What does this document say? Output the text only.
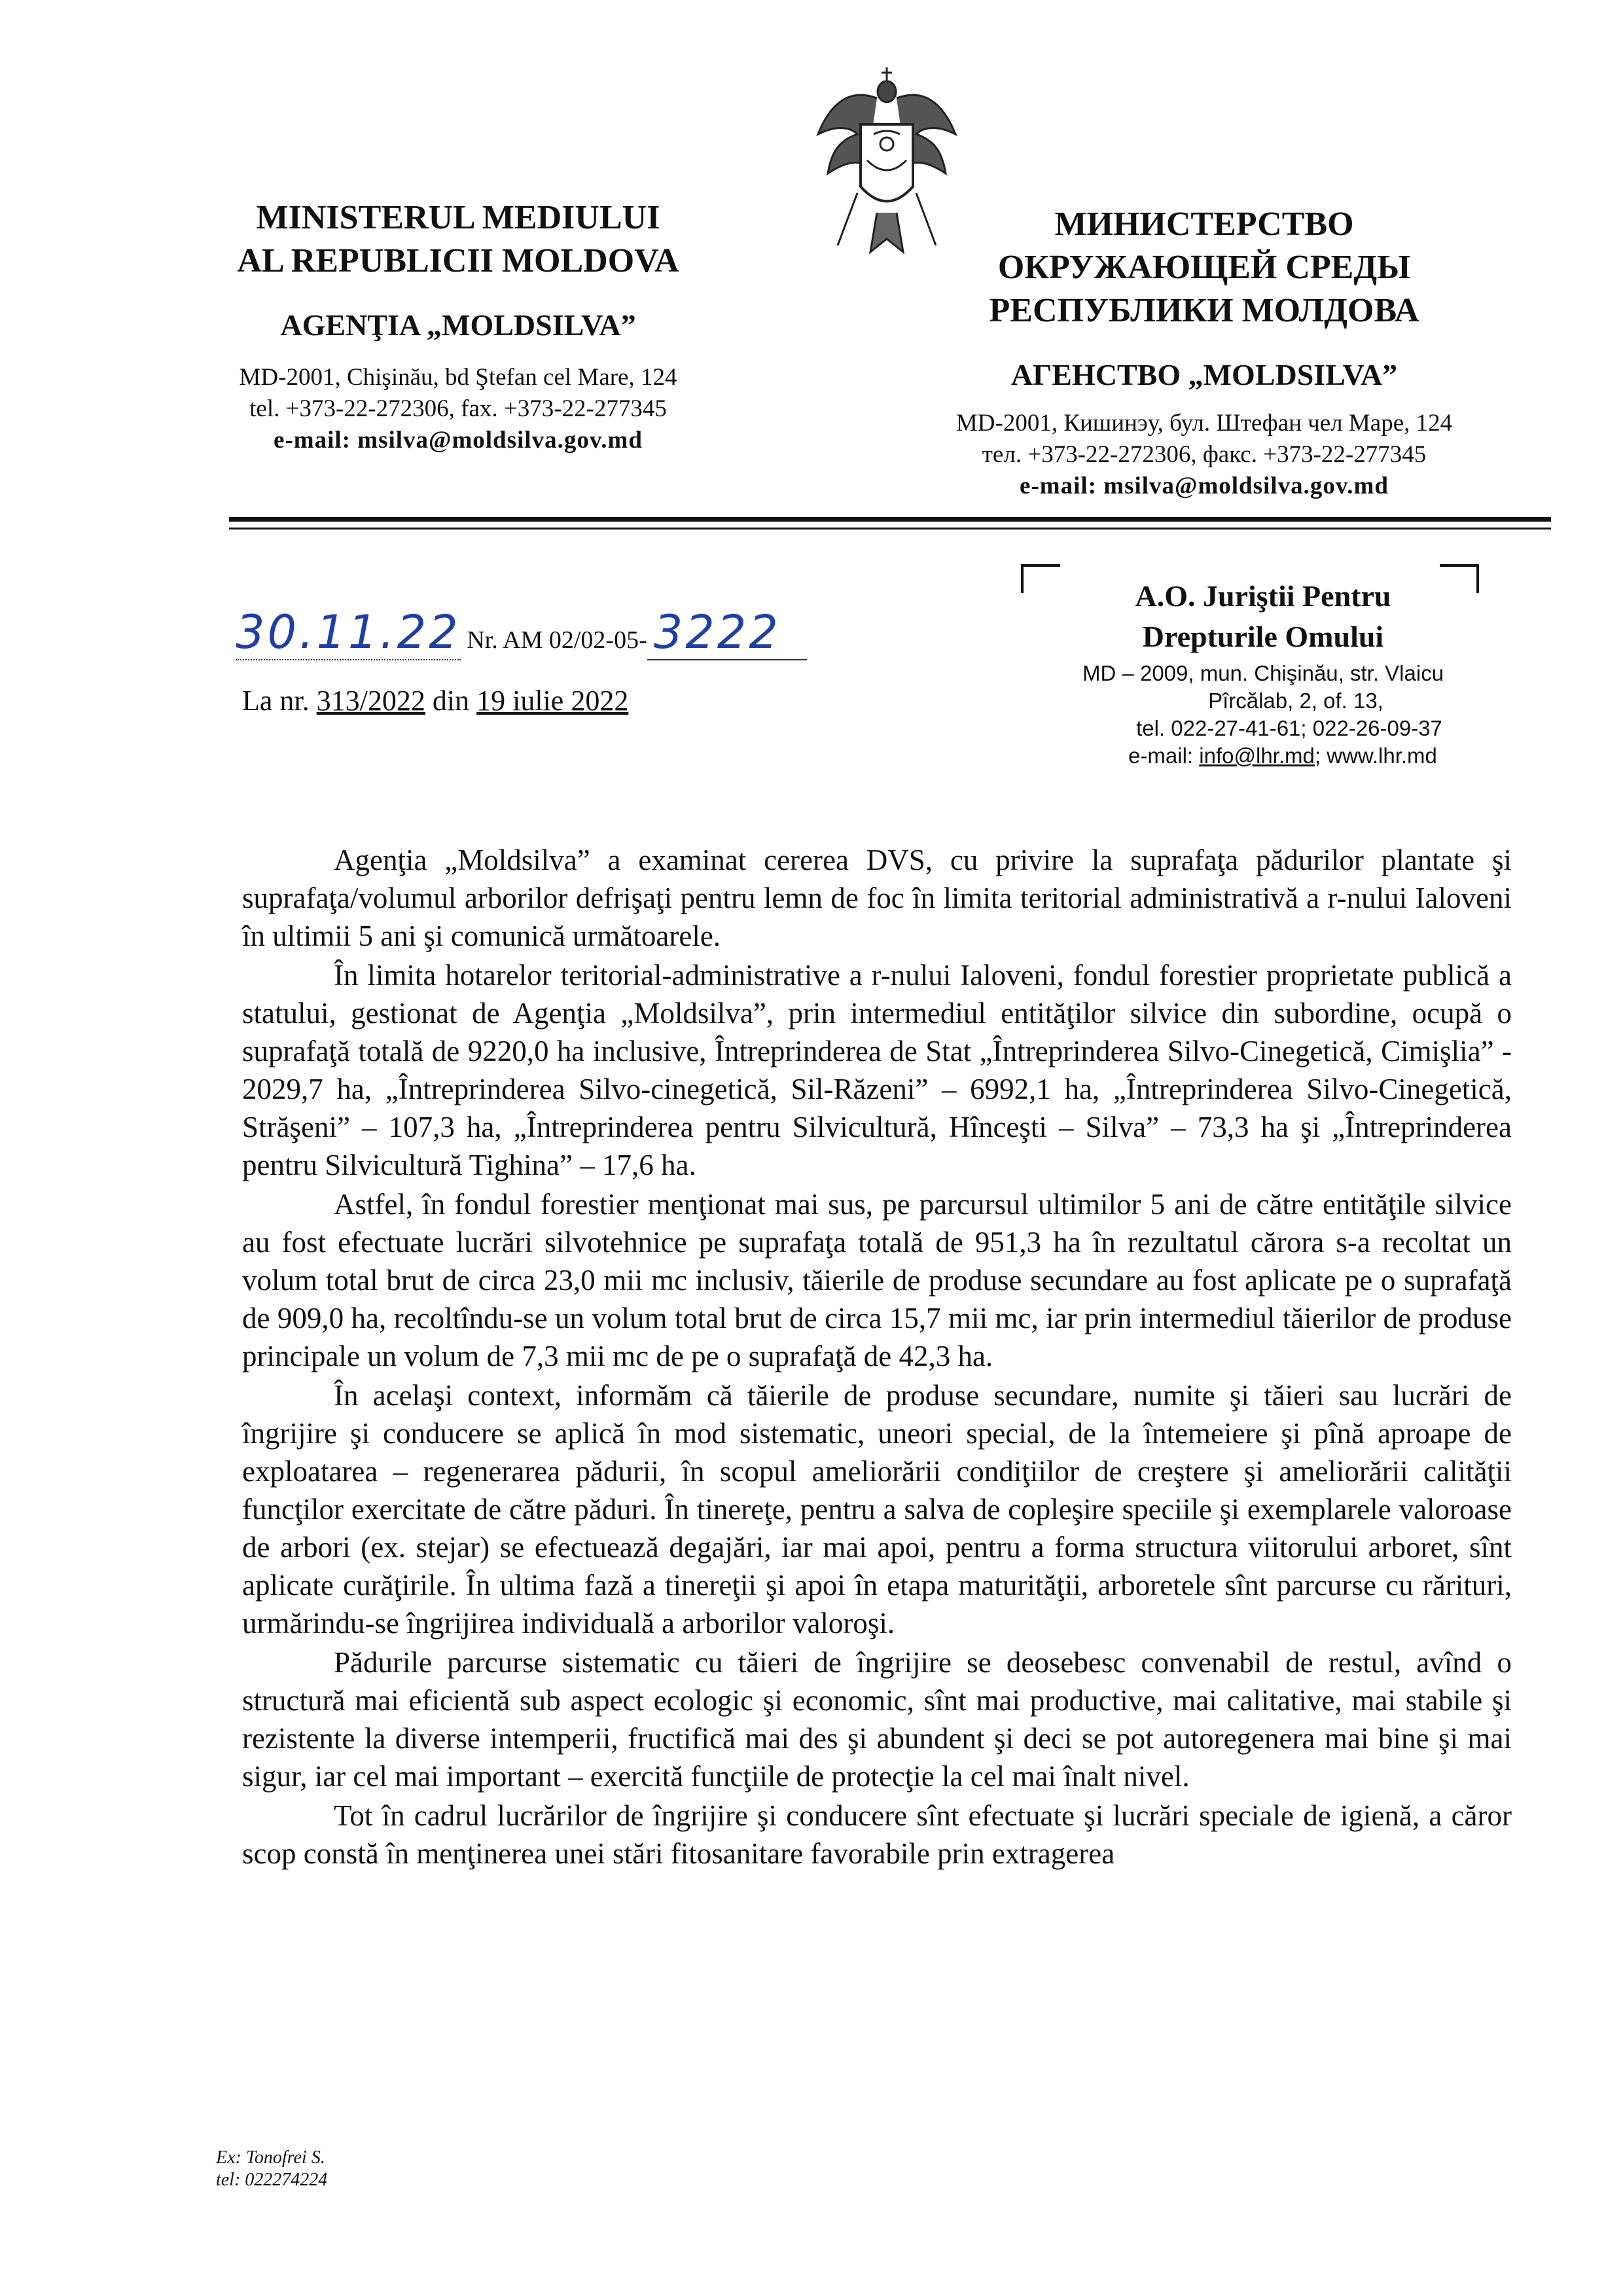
MINISTERUL MEDIULUI
AL REPUBLICII MOLDOVA
AGENŢIA „MOLDSILVA”
MD-2001, Chişinău, bd Ştefan cel Mare, 124
tel. +373-22-272306, fax. +373-22-277345
e-mail: msilva@moldsilva.gov.md
МИНИСТЕРСТВО
ОКРУЖАЮЩЕЙ СРЕДЫ
РЕСПУБЛИКИ МОЛДОВА
АГЕНСТВО „MOLDSILVA”
MD-2001, Кишинэу, бул. Штефан чел Маре, 124
тел. +373-22-272306, факс. +373-22-277345
e-mail: msilva@moldsilva.gov.md
30.11.22 Nr. AM 02/02-05- 3222
La nr. 313/2022 din 19 iulie 2022
A.O. Juriştii Pentru
Drepturile Omului
MD – 2009, mun. Chişinău, str. Vlaicu
Pîrcălab, 2, of. 13,
tel. 022-27-41-61; 022-26-09-37
e-mail: info@lhr.md; www.lhr.md

Agenţia „Moldsilva” a examinat cererea DVS, cu privire la suprafaţa pădurilor plantate şi suprafaţa/volumul arborilor defrişaţi pentru lemn de foc în limita teritorial administrativă a r-nului Ialoveni în ultimii 5 ani şi comunică următoarele.

În limita hotarelor teritorial-administrative a r-nului Ialoveni, fondul forestier proprietate publică a statului, gestionat de Agenţia „Moldsilva”, prin intermediul entităţilor silvice din subordine, ocupă o suprafaţă totală de 9220,0 ha inclusive, Întreprinderea de Stat „Întreprinderea Silvo-Cinegetică, Cimişlia” - 2029,7 ha, „Întreprinderea Silvo-cinegetică, Sil-Răzeni” – 6992,1 ha, „Întreprinderea Silvo-Cinegetică, Străşeni” – 107,3 ha, „Întreprinderea pentru Silvicultură, Hînceşti – Silva” – 73,3 ha şi „Întreprinderea pentru Silvicultură Tighina” – 17,6 ha.

Astfel, în fondul forestier menţionat mai sus, pe parcursul ultimilor 5 ani de către entităţile silvice au fost efectuate lucrări silvotehnice pe suprafaţa totală de 951,3 ha în rezultatul cărora s-a recoltat un volum total brut de circa 23,0 mii mc inclusiv, tăierile de produse secundare au fost aplicate pe o suprafaţă de 909,0 ha, recoltîndu-se un volum total brut de circa 15,7 mii mc, iar prin intermediul tăierilor de produse principale un volum de 7,3 mii mc de pe o suprafaţă de 42,3 ha.

În acelaşi context, informăm că tăierile de produse secundare, numite şi tăieri sau lucrări de îngrijire şi conducere se aplică în mod sistematic, uneori special, de la întemeiere şi pînă aproape de exploatarea – regenerarea pădurii, în scopul ameliorării condiţiilor de creştere şi ameliorării calităţii funcţilor exercitate de către păduri. În tinereţe, pentru a salva de copleşire speciile şi exemplarele valoroase de arbori (ex. stejar) se efectuează degajări, iar mai apoi, pentru a forma structura viitorului arboret, sînt aplicate curăţirile. În ultima fază a tinereţii şi apoi în etapa maturităţii, arboretele sînt parcurse cu rărituri, urmărindu-se îngrijirea individuală a arborilor valoroşi.

Pădurile parcurse sistematic cu tăieri de îngrijire se deosebesc convenabil de restul, avînd o structură mai eficientă sub aspect ecologic şi economic, sînt mai productive, mai calitative, mai stabile şi rezistente la diverse intemperii, fructifică mai des şi abundent şi deci se pot autoregenera mai bine şi mai sigur, iar cel mai important – exercită funcţiile de protecţie la cel mai înalt nivel.

Tot în cadrul lucrărilor de îngrijire şi conducere sînt efectuate şi lucrări speciale de igienă, a căror scop constă în menţinerea unei stări fitosanitare favorabile prin extragerea

Ex: Tonofrei S.
tel: 022274224
